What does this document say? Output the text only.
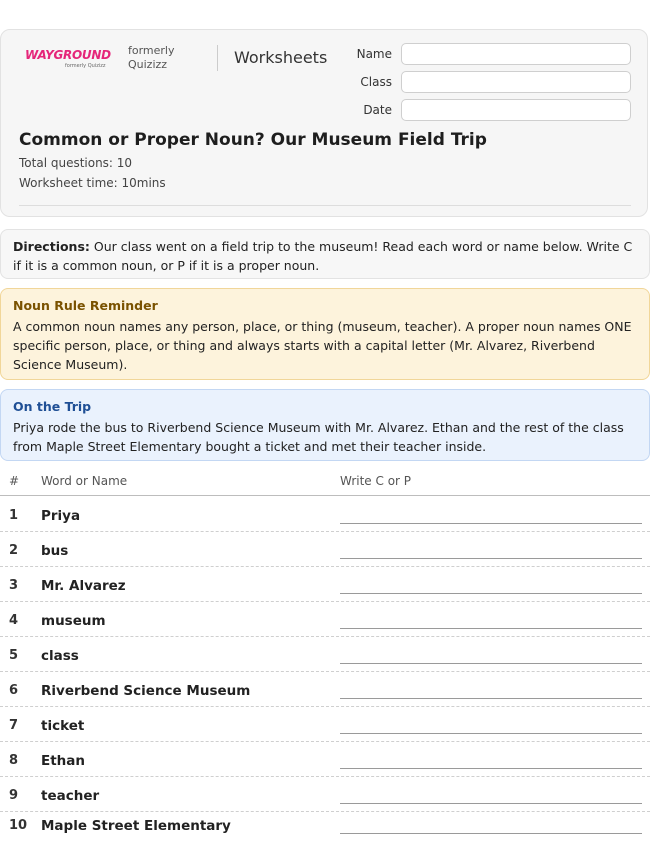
WAYGROUND
formerly Quizizz
formerly Quizizz	Worksheets	Name
Class
Date
Common or Proper Noun? Our Museum Field Trip
Total questions: 10
Worksheet time: 10mins
Directions: Our class went on a field trip to the museum! Read each word or name below. Write C if it is a common noun, or P if it is a proper noun.
Noun Rule Reminder
A common noun names any person, place, or thing (museum, teacher). A proper noun names ONE specific person, place, or thing and always starts with a capital letter (Mr. Alvarez, Riverbend Science Museum).
On the Trip
Priya rode the bus to Riverbend Science Museum with Mr. Alvarez. Ethan and the rest of the class from Maple Street Elementary bought a ticket and met their teacher inside.
# Word or Name	Write C or P
1 Priya
2 bus
3 Mr. Alvarez
4 museum
5 class
6 Riverbend Science Museum
7 ticket
8 Ethan
9 teacher
10 Maple Street Elementary
